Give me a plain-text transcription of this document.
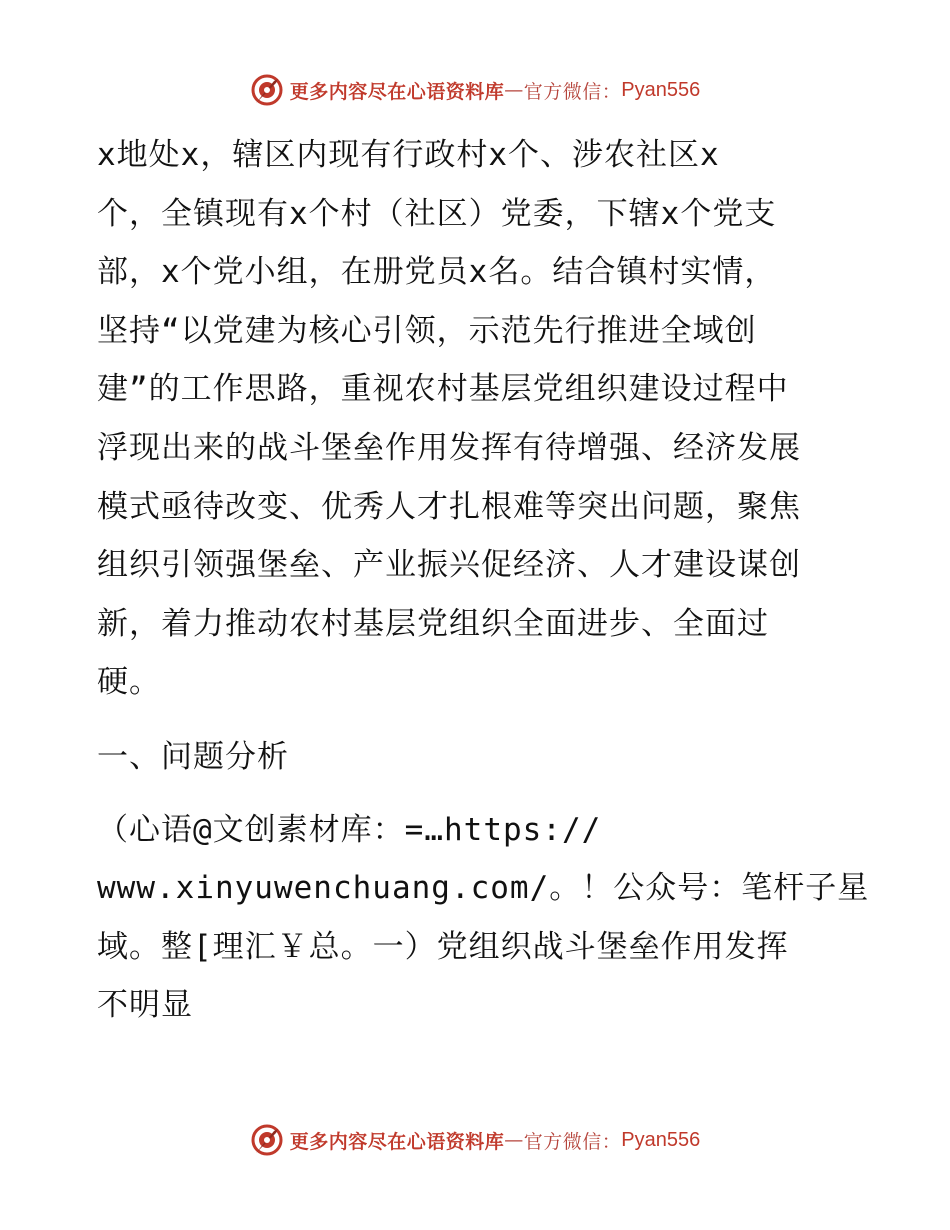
更多内容尽在心语资料库 — 官方微信： Pyan556

x地处x，辖区内现有行政村x个、涉农社区x
个，全镇现有x个村（社区）党委，下辖x个党支
部，x个党小组，在册党员x名。结合镇村实情，
坚持“以党建为核心引领，示范先行推进全域创
建”的工作思路，重视农村基层党组织建设过程中
浮现出来的战斗堡垒作用发挥有待增强、经济发展
模式亟待改变、优秀人才扎根难等突出问题，聚焦
组织引领强堡垒、产业振兴促经济、人才建设谋创
新，着力推动农村基层党组织全面进步、全面过
硬。

一、问题分析

（心语@文创素材库：=…https://
www.xinyuwenchuang.com/。！公众号：笔杆子星
域。整[理汇￥总。一）党组织战斗堡垒作用发挥
不明显

更多内容尽在心语资料库 — 官方微信： Pyan556
